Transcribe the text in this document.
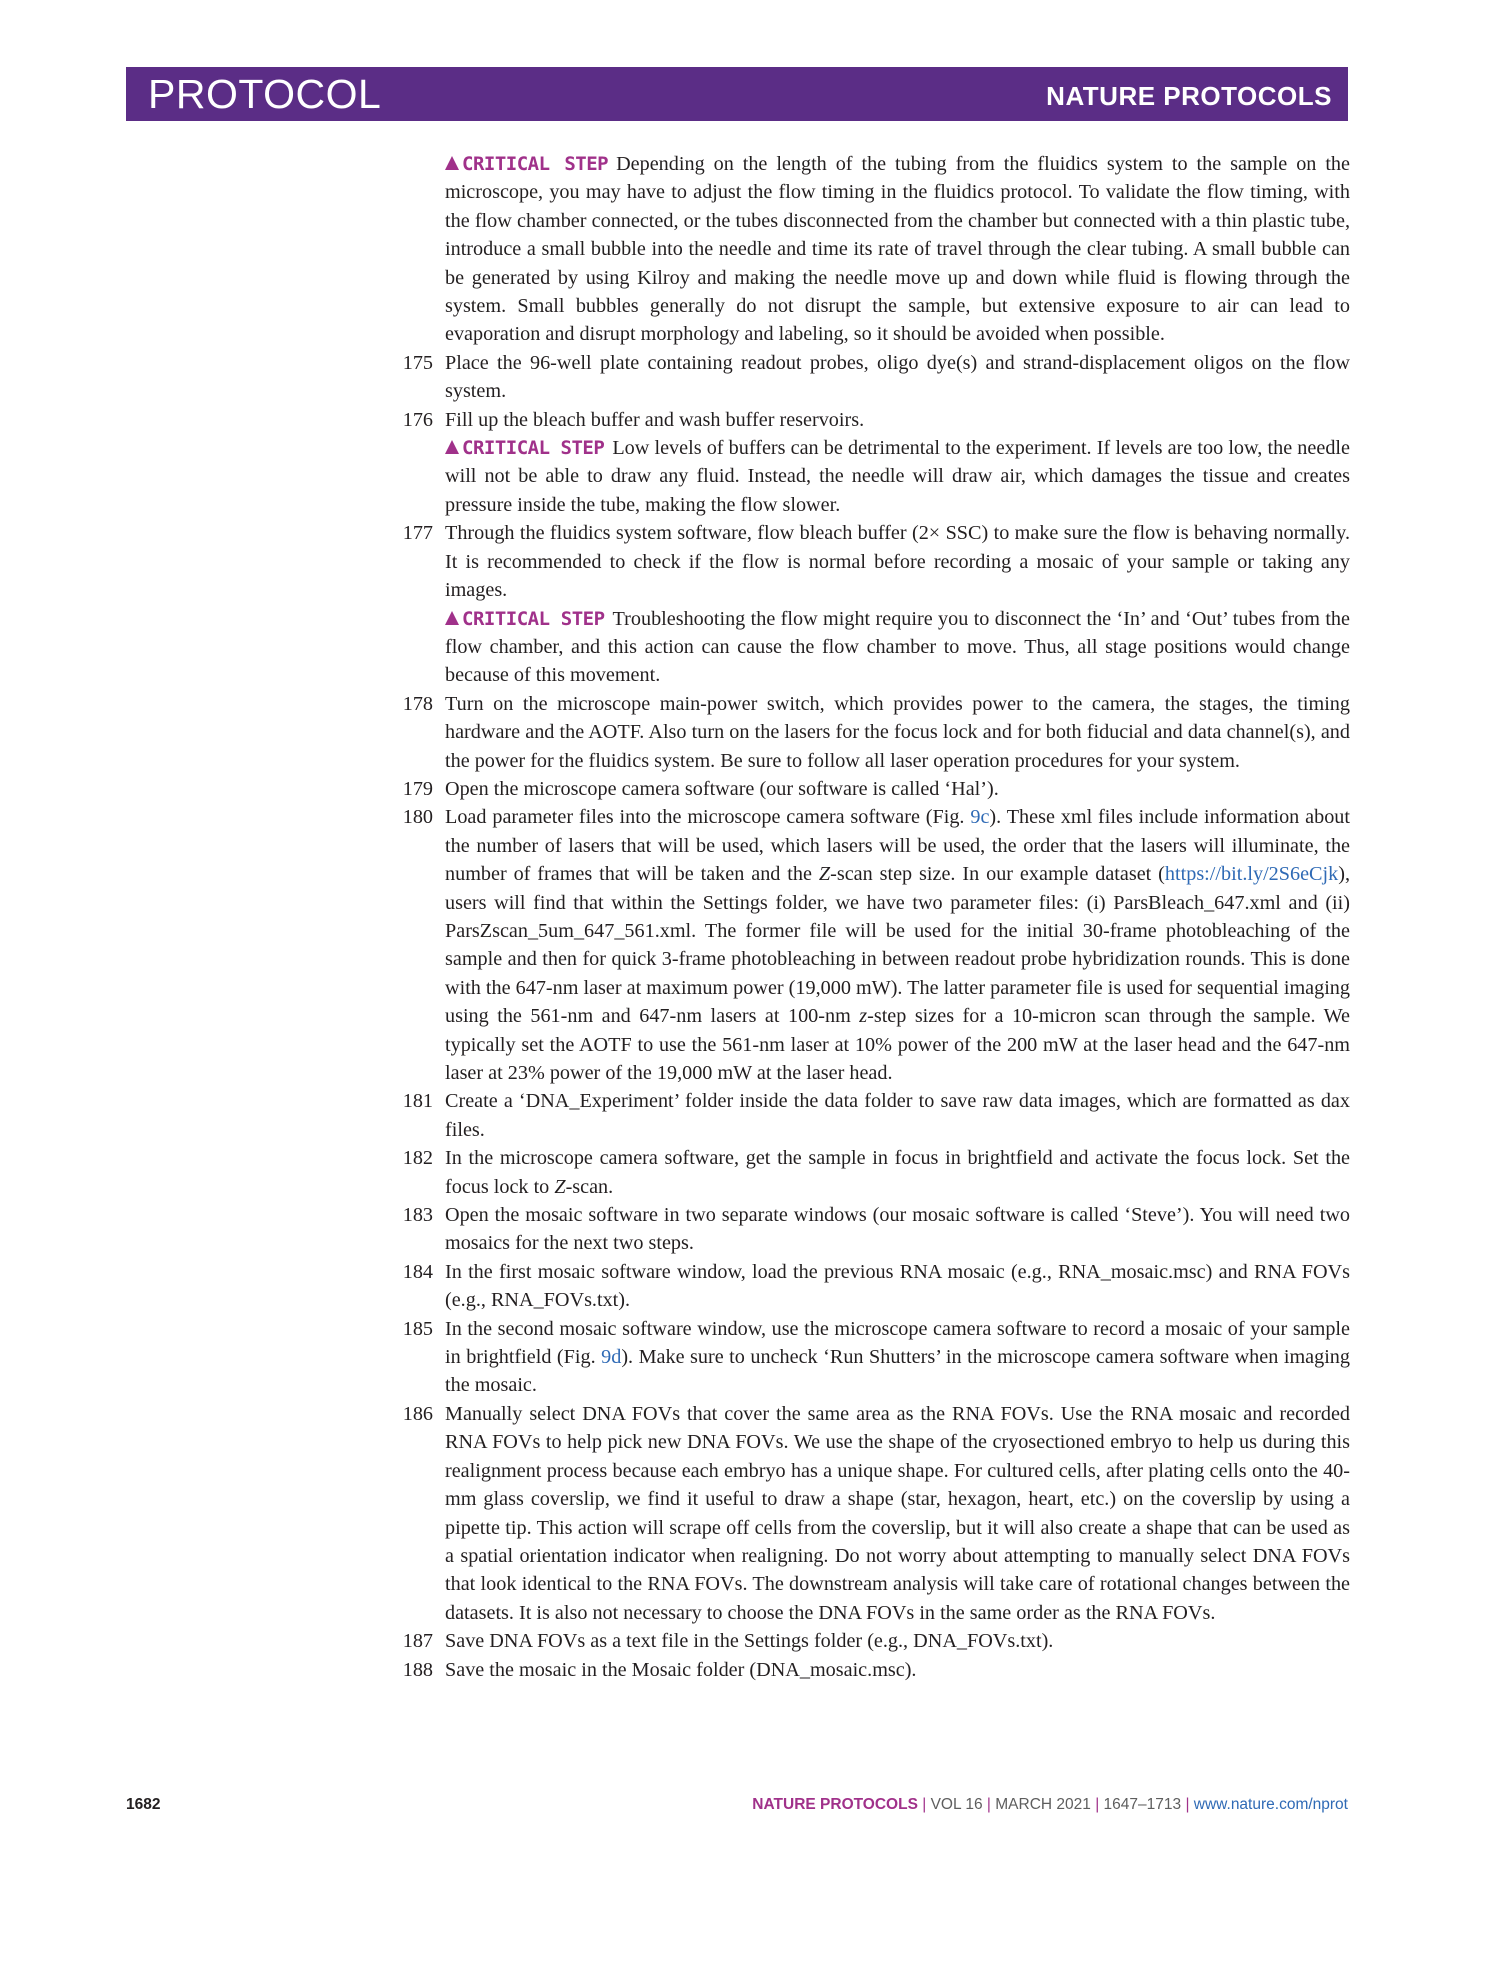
PROTOCOL	NATURE PROTOCOLS
CRITICAL STEP Depending on the length of the tubing from the fluidics system to the sample on the microscope, you may have to adjust the flow timing in the fluidics protocol. To validate the flow timing, with the flow chamber connected, or the tubes disconnected from the chamber but connected with a thin plastic tube, introduce a small bubble into the needle and time its rate of travel through the clear tubing. A small bubble can be generated by using Kilroy and making the needle move up and down while fluid is flowing through the system. Small bubbles generally do not disrupt the sample, but extensive exposure to air can lead to evaporation and disrupt morphology and labeling, so it should be avoided when possible.
175 Place the 96-well plate containing readout probes, oligo dye(s) and strand-displacement oligos on the flow system.
176 Fill up the bleach buffer and wash buffer reservoirs.
CRITICAL STEP Low levels of buffers can be detrimental to the experiment. If levels are too low, the needle will not be able to draw any fluid. Instead, the needle will draw air, which damages the tissue and creates pressure inside the tube, making the flow slower.
177 Through the fluidics system software, flow bleach buffer (2× SSC) to make sure the flow is behaving normally. It is recommended to check if the flow is normal before recording a mosaic of your sample or taking any images.
CRITICAL STEP Troubleshooting the flow might require you to disconnect the ‘In’ and ‘Out’ tubes from the flow chamber, and this action can cause the flow chamber to move. Thus, all stage positions would change because of this movement.
178 Turn on the microscope main-power switch, which provides power to the camera, the stages, the timing hardware and the AOTF. Also turn on the lasers for the focus lock and for both fiducial and data channel(s), and the power for the fluidics system. Be sure to follow all laser operation procedures for your system.
179 Open the microscope camera software (our software is called ‘Hal’).
180 Load parameter files into the microscope camera software (Fig. 9c). These xml files include information about the number of lasers that will be used, which lasers will be used, the order that the lasers will illuminate, the number of frames that will be taken and the Z-scan step size. In our example dataset (https://bit.ly/2S6eCjk), users will find that within the Settings folder, we have two parameter files: (i) ParsBleach_647.xml and (ii) ParsZscan_5um_647_561.xml. The former file will be used for the initial 30-frame photobleaching of the sample and then for quick 3-frame photobleaching in between readout probe hybridization rounds. This is done with the 647-nm laser at maximum power (19,000 mW). The latter parameter file is used for sequential imaging using the 561-nm and 647-nm lasers at 100-nm z-step sizes for a 10-micron scan through the sample. We typically set the AOTF to use the 561-nm laser at 10% power of the 200 mW at the laser head and the 647-nm laser at 23% power of the 19,000 mW at the laser head.
181 Create a ‘DNA_Experiment’ folder inside the data folder to save raw data images, which are formatted as dax files.
182 In the microscope camera software, get the sample in focus in brightfield and activate the focus lock. Set the focus lock to Z-scan.
183 Open the mosaic software in two separate windows (our mosaic software is called ‘Steve’). You will need two mosaics for the next two steps.
184 In the first mosaic software window, load the previous RNA mosaic (e.g., RNA_mosaic.msc) and RNA FOVs (e.g., RNA_FOVs.txt).
185 In the second mosaic software window, use the microscope camera software to record a mosaic of your sample in brightfield (Fig. 9d). Make sure to uncheck ‘Run Shutters’ in the microscope camera software when imaging the mosaic.
186 Manually select DNA FOVs that cover the same area as the RNA FOVs. Use the RNA mosaic and recorded RNA FOVs to help pick new DNA FOVs. We use the shape of the cryosectioned embryo to help us during this realignment process because each embryo has a unique shape. For cultured cells, after plating cells onto the 40-mm glass coverslip, we find it useful to draw a shape (star, hexagon, heart, etc.) on the coverslip by using a pipette tip. This action will scrape off cells from the coverslip, but it will also create a shape that can be used as a spatial orientation indicator when realigning. Do not worry about attempting to manually select DNA FOVs that look identical to the RNA FOVs. The downstream analysis will take care of rotational changes between the datasets. It is also not necessary to choose the DNA FOVs in the same order as the RNA FOVs.
187 Save DNA FOVs as a text file in the Settings folder (e.g., DNA_FOVs.txt).
188 Save the mosaic in the Mosaic folder (DNA_mosaic.msc).
1682	NATURE PROTOCOLS | VOL 16 | MARCH 2021 | 1647–1713 | www.nature.com/nprot
